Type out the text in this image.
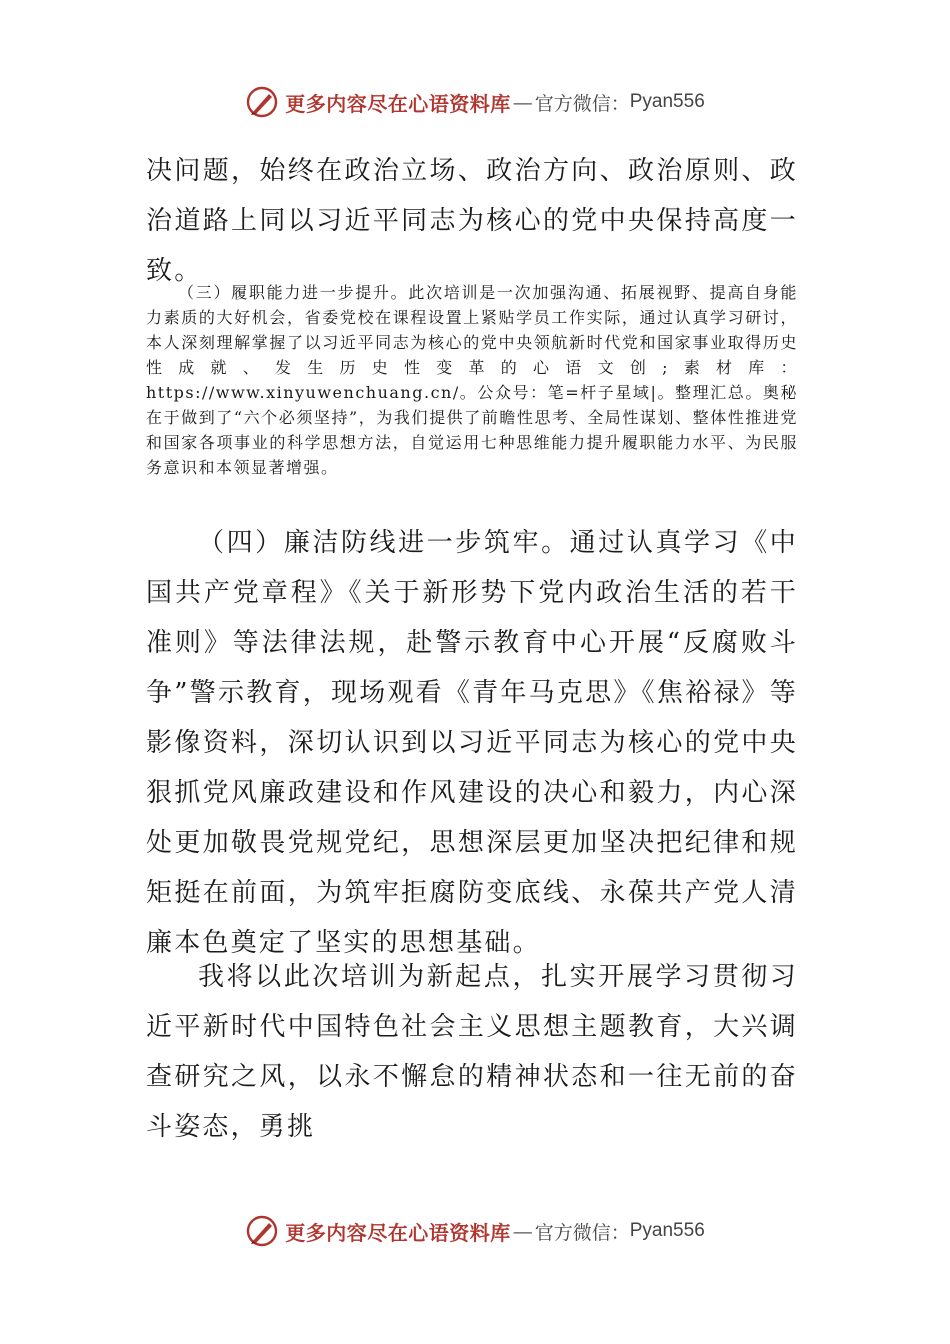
更多内容尽在心语资料库 — 官方微信： Pyan556

决问题，始终在政治立场、政治方向、政治原则、政治道路上同以习近平同志为核心的党中央保持高度一致。

（三）履职能力进一步提升。此次培训是一次加强沟通、拓展视野、提高自身能力素质的大好机会，省委党校在课程设置上紧贴学员工作实际，通过认真学习研讨，本人深刻理解掌握了以习近平同志为核心的党中央领航新时代党和国家事业取得历史性成就、发生历史性变革的心语文创;素材库：https://www.xinyuwenchuang.cn/。公众号：笔=杆子星域|。整理汇总。奥秘在于做到了“六个必须坚持”，为我们提供了前瞻性思考、全局性谋划、整体性推进党和国家各项事业的科学思想方法，自觉运用七种思维能力提升履职能力水平、为民服务意识和本领显著增强。

（四）廉洁防线进一步筑牢。通过认真学习《中国共产党章程》《关于新形势下党内政治生活的若干准则》等法律法规，赴警示教育中心开展“反腐败斗争”警示教育，现场观看《青年马克思》《焦裕禄》等影像资料，深切认识到以习近平同志为核心的党中央狠抓党风廉政建设和作风建设的决心和毅力，内心深处更加敬畏党规党纪，思想深层更加坚决把纪律和规矩挺在前面，为筑牢拒腐防变底线、永葆共产党人清廉本色奠定了坚实的思想基础。

我将以此次培训为新起点，扎实开展学习贯彻习近平新时代中国特色社会主义思想主题教育，大兴调查研究之风，以永不懈怠的精神状态和一往无前的奋斗姿态，勇挑

更多内容尽在心语资料库 — 官方微信： Pyan556
